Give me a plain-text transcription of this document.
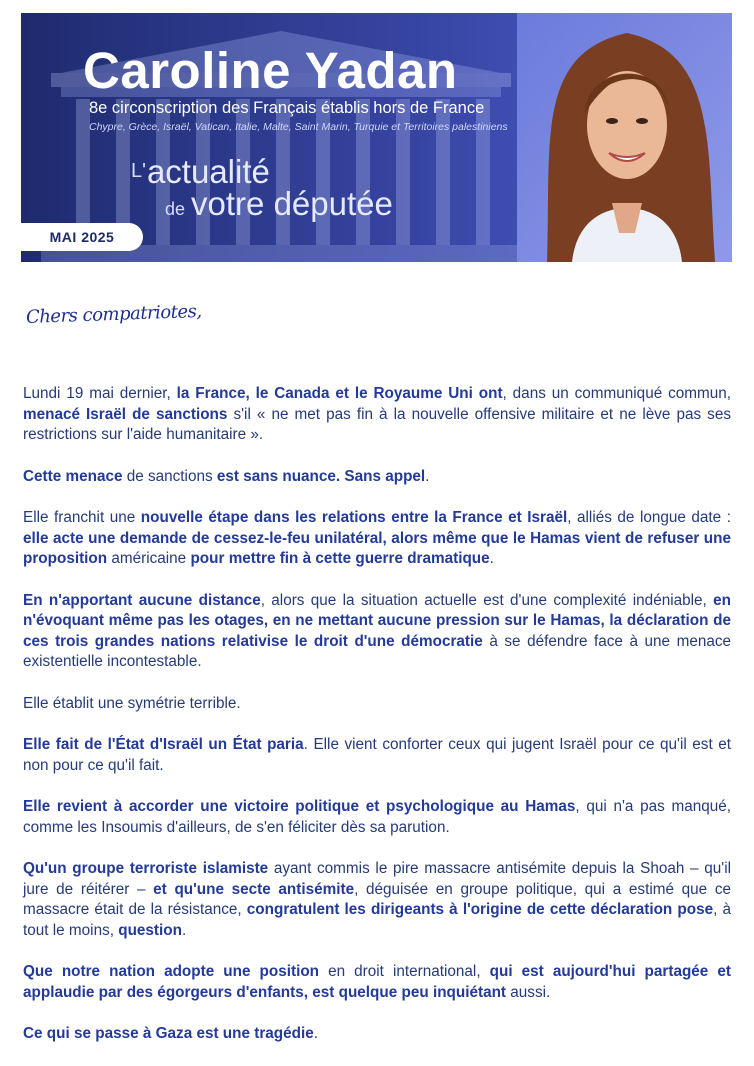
Caroline Yadan
8e circonscription des Français établis hors de France
Chypre, Grèce, Israël, Vatican, Italie, Malte, Saint Marin, Turquie et Territoires palestiniens
L'actualité
de votre députée
MAI 2025
Chers compatriotes,

Lundi 19 mai dernier, la France, le Canada et le Royaume Uni ont, dans un communiqué commun, menacé Israël de sanctions s'il « ne met pas fin à la nouvelle offensive militaire et ne lève pas ses restrictions sur l'aide humanitaire ».

Cette menace de sanctions est sans nuance. Sans appel.

Elle franchit une nouvelle étape dans les relations entre la France et Israël, alliés de longue date : elle acte une demande de cessez-le-feu unilatéral, alors même que le Hamas vient de refuser une proposition américaine pour mettre fin à cette guerre dramatique.

En n'apportant aucune distance, alors que la situation actuelle est d'une complexité indéniable, en n'évoquant même pas les otages, en ne mettant aucune pression sur le Hamas, la déclaration de ces trois grandes nations relativise le droit d'une démocratie à se défendre face à une menace existentielle incontestable.

Elle établit une symétrie terrible.

Elle fait de l'État d'Israël un État paria. Elle vient conforter ceux qui jugent Israël pour ce qu'il est et non pour ce qu'il fait.

Elle revient à accorder une victoire politique et psychologique au Hamas, qui n'a pas manqué, comme les Insoumis d'ailleurs, de s'en féliciter dès sa parution.

Qu'un groupe terroriste islamiste ayant commis le pire massacre antisémite depuis la Shoah – qu'il jure de réitérer – et qu'une secte antisémite, déguisée en groupe politique, qui a estimé que ce massacre était de la résistance, congratulent les dirigeants à l'origine de cette déclaration pose, à tout le moins, question.

Que notre nation adopte une position en droit international, qui est aujourd'hui partagée et applaudie par des égorgeurs d'enfants, est quelque peu inquiétant aussi.

Ce qui se passe à Gaza est une tragédie.
